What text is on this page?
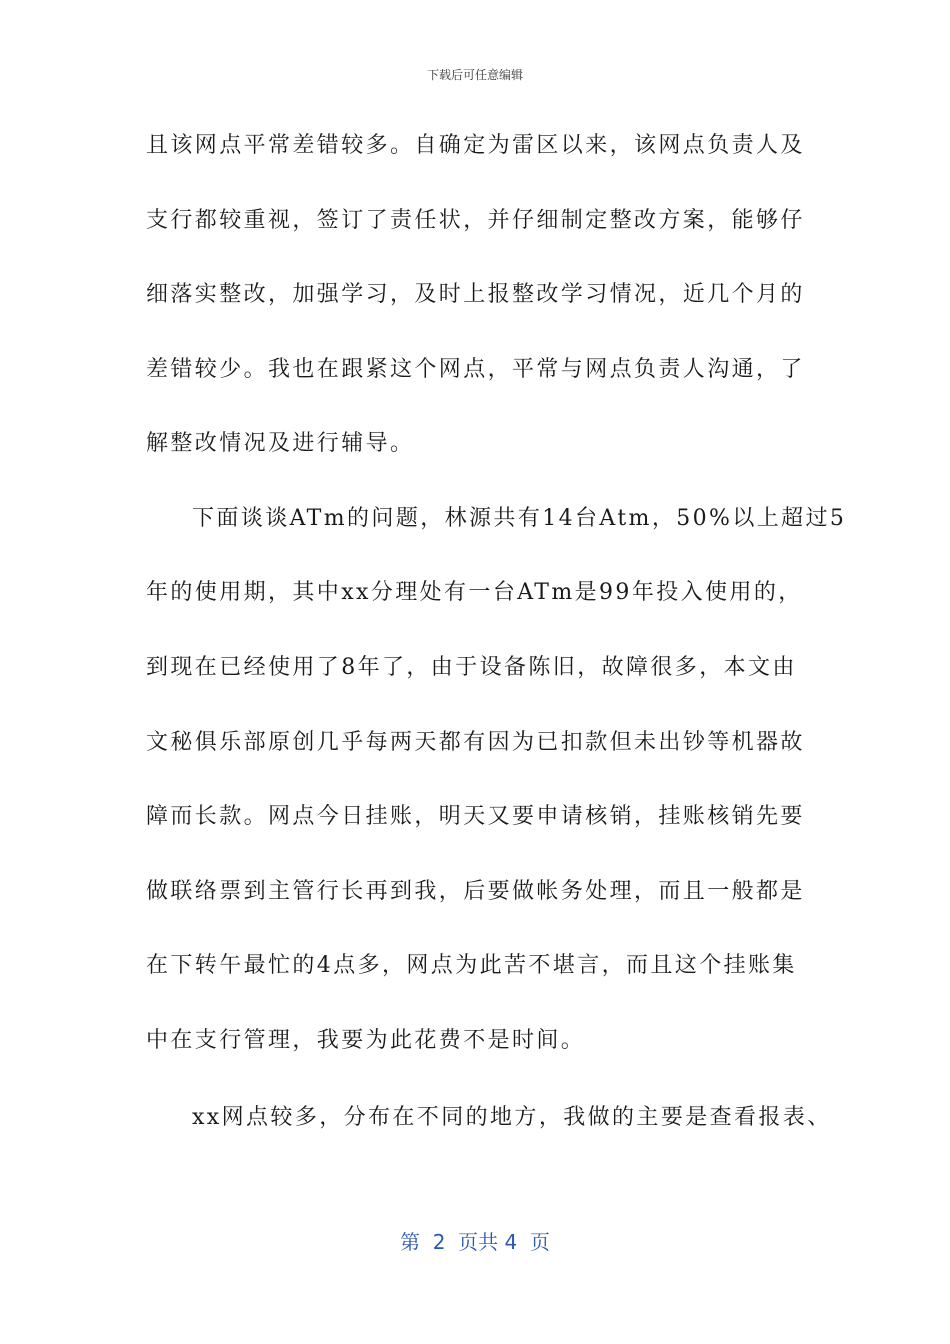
下载后可任意编辑
且该网点平常差错较多。自确定为雷区以来，该网点负责人及
支行都较重视，签订了责任状，并仔细制定整改方案，能够仔
细落实整改，加强学习，及时上报整改学习情况，近几个月的
差错较少。我也在跟紧这个网点，平常与网点负责人沟通，了
解整改情况及进行辅导。
下面谈谈ATm的问题，林源共有14台Atm，50%以上超过5
年的使用期，其中xx分理处有一台ATm是99年投入使用的，
到现在已经使用了8年了，由于设备陈旧，故障很多，本文由
文秘俱乐部原创几乎每两天都有因为已扣款但未出钞等机器故
障而长款。网点今日挂账，明天又要申请核销，挂账核销先要
做联络票到主管行长再到我，后要做帐务处理，而且一般都是
在下转午最忙的4点多，网点为此苦不堪言，而且这个挂账集
中在支行管理，我要为此花费不是时间。
xx网点较多，分布在不同的地方，我做的主要是查看报表、
第  2  页共 4  页
